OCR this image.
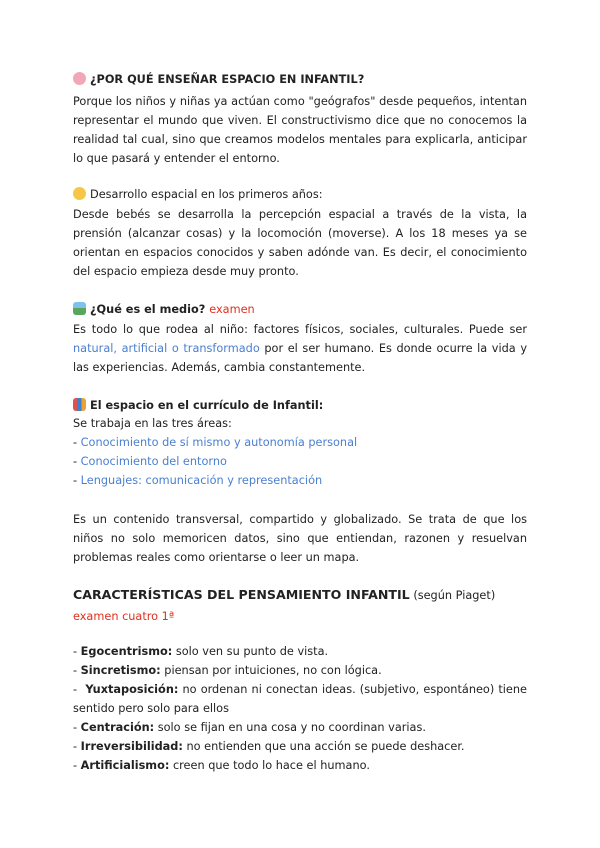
¿POR QUÉ ENSEÑAR ESPACIO EN INFANTIL?
Porque los niños y niñas ya actúan como "geógrafos" desde pequeños, intentan representar el mundo que viven. El constructivismo dice que no conocemos la realidad tal cual, sino que creamos modelos mentales para explicarla, anticipar lo que pasará y entender el entorno.
Desarrollo espacial en los primeros años:
Desde bebés se desarrolla la percepción espacial a través de la vista, la prensión (alcanzar cosas) y la locomoción (moverse). A los 18 meses ya se orientan en espacios conocidos y saben adónde van. Es decir, el conocimiento del espacio empieza desde muy pronto.
¿Qué es el medio? examen
Es todo lo que rodea al niño: factores físicos, sociales, culturales. Puede ser natural, artificial o transformado por el ser humano. Es donde ocurre la vida y las experiencias. Además, cambia constantemente.
El espacio en el currículo de Infantil:
Se trabaja en las tres áreas:
- Conocimiento de sí mismo y autonomía personal
- Conocimiento del entorno
- Lenguajes: comunicación y representación
Es un contenido transversal, compartido y globalizado. Se trata de que los niños no solo memoricen datos, sino que entiendan, razonen y resuelvan problemas reales como orientarse o leer un mapa.
CARACTERÍSTICAS DEL PENSAMIENTO INFANTIL (según Piaget) examen cuatro 1ª
- Egocentrismo: solo ven su punto de vista.
- Sincretismo: piensan por intuiciones, no con lógica.
-  Yuxtaposición: no ordenan ni conectan ideas. (subjetivo, espontáneo) tiene sentido pero solo para ellos
- Centración: solo se fijan en una cosa y no coordinan varias.
- Irreversibilidad: no entienden que una acción se puede deshacer.
- Artificialismo: creen que todo lo hace el humano.
